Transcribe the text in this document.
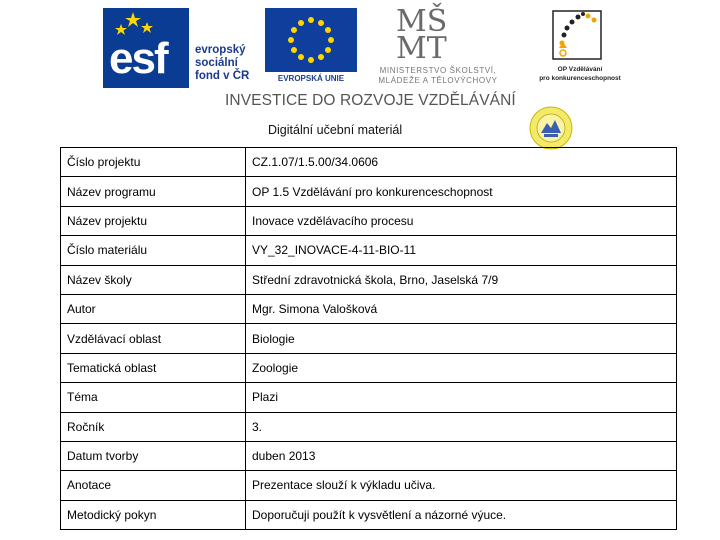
esf evropský
sociální
fond v ČR	EVROPSKÁ UNIE
MŠ
MT
MINISTERSTVO ŠKOLSTVÍ,
MLÁDEŽE A TĚLOVÝCHOVY
OP Vzdělávání
pro konkurenceschopnost
INVESTICE DO ROZVOJE VZDĚLÁVÁNÍ
Digitální učební materiál
Číslo projektu	CZ.1.07/1.5.00/34.0606
Název programu	OP 1.5 Vzdělávání pro konkurenceschopnost
Název projektu	Inovace vzdělávacího procesu
Číslo materiálu	VY_32_INOVACE-4-11-BIO-11
Název školy	Střední zdravotnická škola, Brno, Jaselská 7/9
Autor	Mgr. Simona Valošková
Vzdělávací oblast	Biologie
Tematická oblast	Zoologie
Téma	Plazi
Ročník	3.
Datum tvorby	duben 2013
Anotace	Prezentace slouží k výkladu učiva.
Metodický pokyn	Doporučuji použít k vysvětlení a názorné výuce.
